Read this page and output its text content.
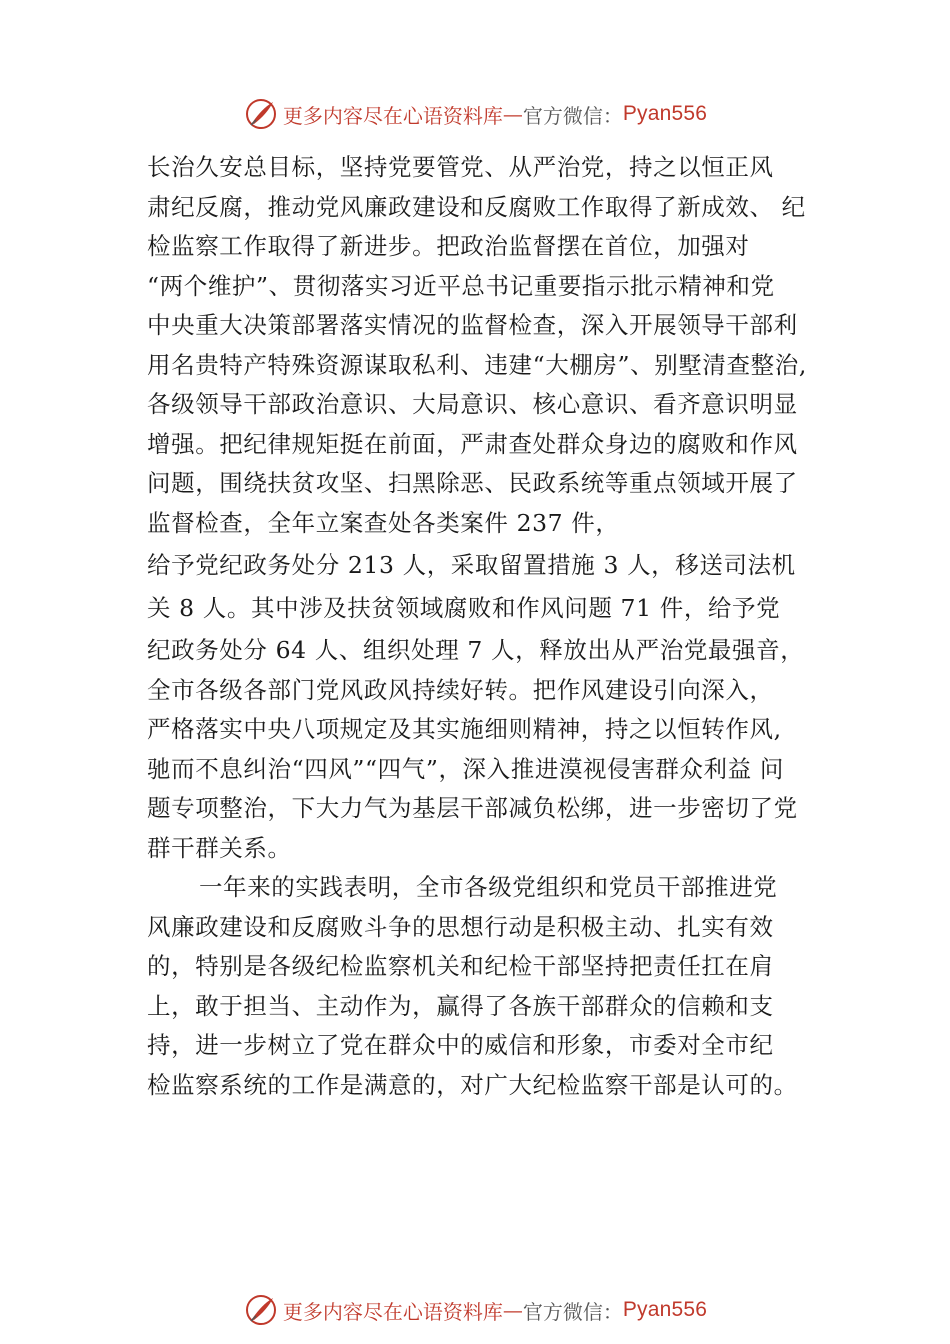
更多内容尽在心语资料库 — 官方微信： Pyan556
长治久安总目标，坚持党要管党、从严治党，持之以恒正风
肃纪反腐，推动党风廉政建设和反腐败工作取得了新成效、 纪
检监察工作取得了新进步。把政治监督摆在首位，加强对
“两个维护”、贯彻落实习近平总书记重要指示批示精神和党
中央重大决策部署落实情况的监督检查，深入开展领导干部利
用名贵特产特殊资源谋取私利、违建“大棚房”、别墅清查整治,
各级领导干部政治意识、大局意识、核心意识、看齐意识明显
增强。把纪律规矩挺在前面，严肃查处群众身边的腐败和作风
问题，围绕扶贫攻坚、扫黑除恶、民政系统等重点领域开展了
监督检查，全年立案查处各类案件 237 件，
给予党纪政务处分 213 人，采取留置措施 3 人，移送司法机
关 8 人。其中涉及扶贫领域腐败和作风问题 71 件，给予党
纪政务处分 64 人、组织处理 7 人，释放出从严治党最强音，
全市各级各部门党风政风持续好转。把作风建设引向深入，
严格落实中央八项规定及其实施细则精神，持之以恒转作风,
驰而不息纠治“四风”“四气”，深入推进漠视侵害群众利益 问
题专项整治，下大力气为基层干部减负松绑，进一步密切了党
群干群关系。
一年来的实践表明，全市各级党组织和党员干部推进党
风廉政建设和反腐败斗争的思想行动是积极主动、扎实有效
的，特别是各级纪检监察机关和纪检干部坚持把责任扛在肩
上，敢于担当、主动作为，赢得了各族干部群众的信赖和支
持，进一步树立了党在群众中的威信和形象，市委对全市纪
检监察系统的工作是满意的，对广大纪检监察干部是认可的。
更多内容尽在心语资料库 — 官方微信： Pyan556
